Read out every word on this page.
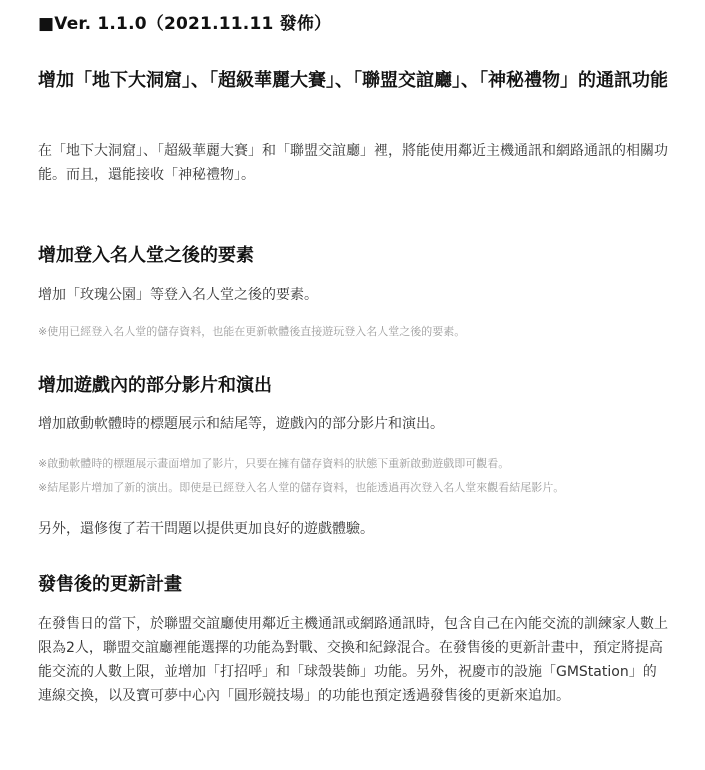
■Ver. 1.1.0（2021.11.11 發佈）
增加「地下大洞窟」、「超級華麗大賽」、「聯盟交誼廳」、「神秘禮物」的通訊功能
在「地下大洞窟」、「超級華麗大賽」和「聯盟交誼廳」裡，將能使用鄰近主機通訊和網路通訊的相關功能。而且，還能接收「神秘禮物」。
增加登入名人堂之後的要素
增加「玫瑰公園」等登入名人堂之後的要素。
※使用已經登入名人堂的儲存資料，也能在更新軟體後直接遊玩登入名人堂之後的要素。
增加遊戲內的部分影片和演出
增加啟動軟體時的標題展示和結尾等，遊戲內的部分影片和演出。
※啟動軟體時的標題展示畫面增加了影片，只要在擁有儲存資料的狀態下重新啟動遊戲即可觀看。
※結尾影片增加了新的演出。即使是已經登入名人堂的儲存資料，也能透過再次登入名人堂來觀看結尾影片。
另外，還修復了若干問題以提供更加良好的遊戲體驗。
發售後的更新計畫
在發售日的當下，於聯盟交誼廳使用鄰近主機通訊或網路通訊時，包含自己在內能交流的訓練家人數上限為2人，聯盟交誼廳裡能選擇的功能為對戰、交換和紀錄混合。在發售後的更新計畫中，預定將提高能交流的人數上限，並增加「打招呼」和「球殼裝飾」功能。另外，祝慶市的設施「GMStation」的連線交換，以及寶可夢中心內「圓形競技場」的功能也預定透過發售後的更新來追加。
